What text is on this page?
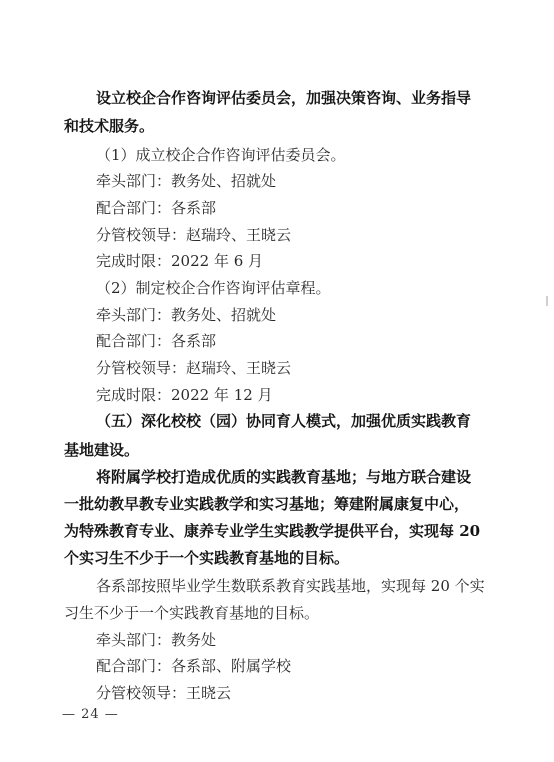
设立校企合作咨询评估委员会，加强决策咨询、业务指导
和技术服务。
（1）成立校企合作咨询评估委员会。
牵头部门：教务处、招就处
配合部门：各系部
分管校领导：赵瑞玲、王晓云
完成时限：2022 年 6 月
（2）制定校企合作咨询评估章程。
牵头部门：教务处、招就处
配合部门：各系部
分管校领导：赵瑞玲、王晓云
完成时限：2022 年 12 月
（五）深化校校（园）协同育人模式，加强优质实践教育
基地建设。
将附属学校打造成优质的实践教育基地；与地方联合建设
一批幼教早教专业实践教学和实习基地；筹建附属康复中心，
为特殊教育专业、康养专业学生实践教学提供平台，实现每 20
个实习生不少于一个实践教育基地的目标。
各系部按照毕业学生数联系教育实践基地，实现每 20 个实
习生不少于一个实践教育基地的目标。
牵头部门：教务处
配合部门：各系部、附属学校
分管校领导：王晓云
— 24 —
